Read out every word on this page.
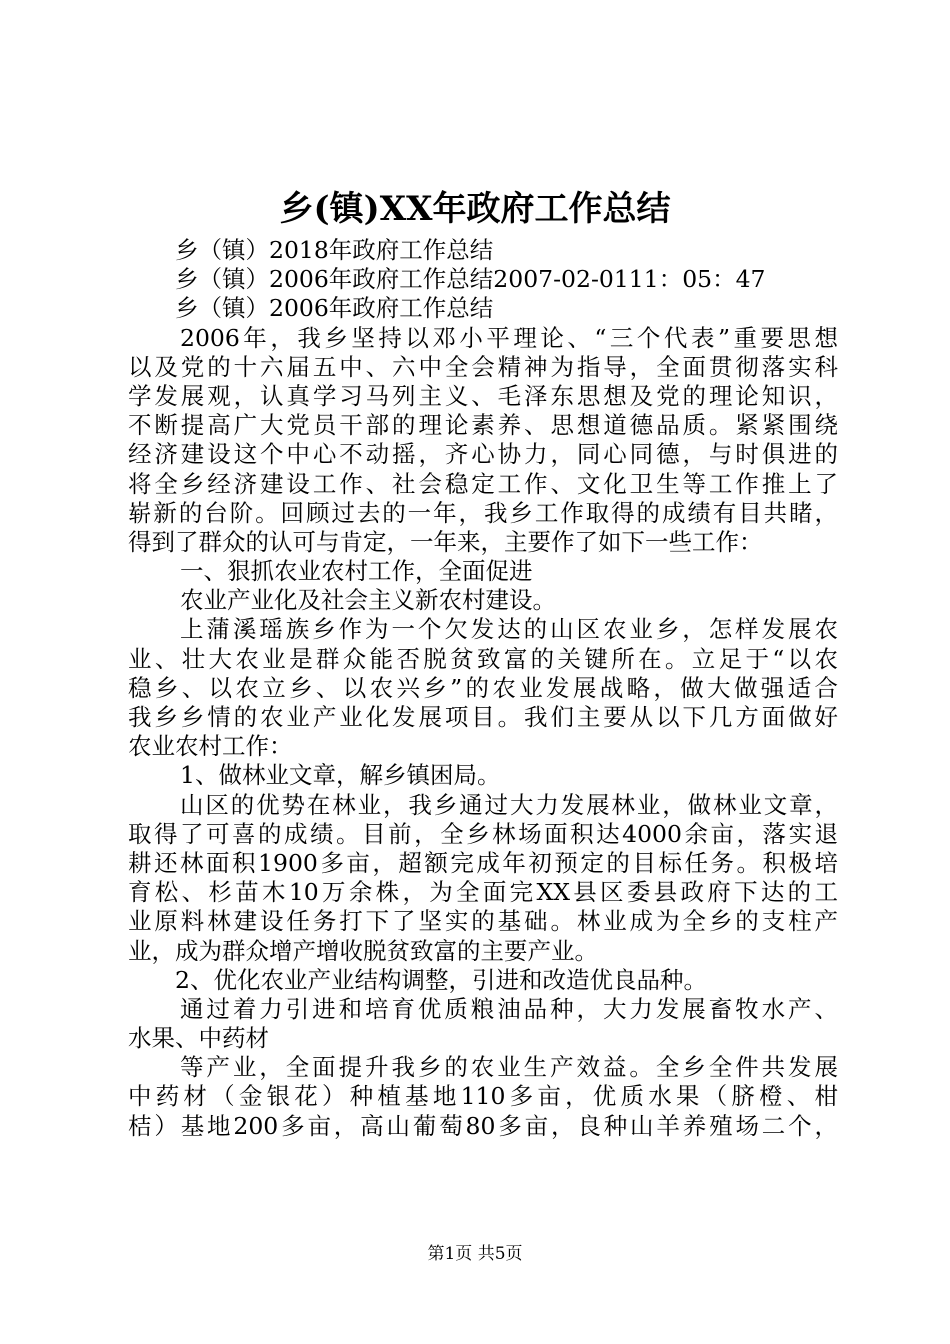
乡(镇)XX年政府工作总结
乡（镇）2018年政府工作总结
乡（镇）2006年政府工作总结2007-02-0111：05：47
乡（镇）2006年政府工作总结
2006年，我乡坚持以邓小平理论、“三个代表”重要思想
以及党的十六届五中、六中全会精神为指导，全面贯彻落实科
学发展观，认真学习马列主义、毛泽东思想及党的理论知识，
不断提高广大党员干部的理论素养、思想道德品质。紧紧围绕
经济建设这个中心不动摇，齐心协力，同心同德，与时俱进的
将全乡经济建设工作、社会稳定工作、文化卫生等工作推上了
崭新的台阶。回顾过去的一年，我乡工作取得的成绩有目共睹，
得到了群众的认可与肯定，一年来，主要作了如下一些工作：
一、狠抓农业农村工作，全面促进
农业产业化及社会主义新农村建设。
上蒲溪瑶族乡作为一个欠发达的山区农业乡，怎样发展农
业、壮大农业是群众能否脱贫致富的关键所在。立足于“以农
稳乡、以农立乡、以农兴乡”的农业发展战略，做大做强适合
我乡乡情的农业产业化发展项目。我们主要从以下几方面做好
农业农村工作：
1、做林业文章，解乡镇困局。
山区的优势在林业，我乡通过大力发展林业，做林业文章，
取得了可喜的成绩。目前，全乡林场面积达4000余亩，落实退
耕还林面积1900多亩，超额完成年初预定的目标任务。积极培
育松、杉苗木10万余株，为全面完XX县区委县政府下达的工
业原料林建设任务打下了坚实的基础。林业成为全乡的支柱产
业，成为群众增产增收脱贫致富的主要产业。
2、优化农业产业结构调整，引进和改造优良品种。
通过着力引进和培育优质粮油品种，大力发展畜牧水产、
水果、中药材
等产业，全面提升我乡的农业生产效益。全乡全件共发展
中药材（金银花）种植基地110多亩，优质水果（脐橙、柑
桔）基地200多亩，高山葡萄80多亩，良种山羊养殖场二个，
第1页 共5页
